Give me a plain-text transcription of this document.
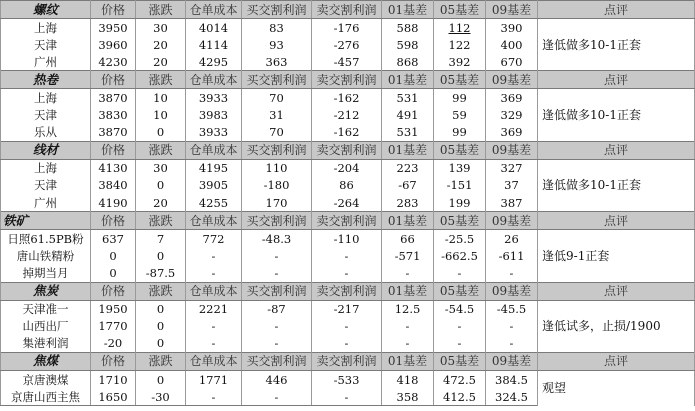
螺纹	价格	涨跌	仓单成本	买交割利润	卖交割利润	01基差	05基差	09基差	点评
上海	3950	30	4014	83	-176	588	112	390	逢低做多10-1正套
天津	3960	20	4114	93	-276	598	122	400	
广州	4230	20	4295	363	-457	868	392	670	
热卷	价格	涨跌	仓单成本	买交割利润	卖交割利润	01基差	05基差	09基差	点评
上海	3870	10	3933	70	-162	531	99	369	逢低做多10-1正套
天津	3830	10	3983	31	-212	491	59	329	
乐从	3870	0	3933	70	-162	531	99	369	
线材	价格	涨跌	仓单成本	买交割利润	卖交割利润	01基差	05基差	09基差	点评
上海	4130	30	4195	110	-204	223	139	327	逢低做多10-1正套
天津	3840	0	3905	-180	86	-67	-151	37	
广州	4190	20	4255	170	-264	283	199	387	
铁矿	价格	涨跌	仓单成本	买交割利润	卖交割利润	01基差	05基差	09基差	点评
日照61.5PB粉	637	7	772	-48.3	-110	66	-25.5	26	逢低9-1正套
唐山铁精粉	0	0	-	-	-	-571	-662.5	-611	
掉期当月	0	-87.5	-	-	-	-	-	-	
焦炭	价格	涨跌	仓单成本	买交割利润	卖交割利润	01基差	05基差	09基差	点评
天津准一	1950	0	2221	-87	-217	12.5	-54.5	-45.5	逢低试多，止损/1900
山西出厂	1770	0	-	-	-	-	-	-	
集港利润	-20	0	-	-	-	-	-	-	
焦煤	价格	涨跌	仓单成本	买交割利润	卖交割利润	01基差	05基差	09基差	点评
京唐澳煤	1710	0	1771	446	-533	418	472.5	384.5	观望
京唐山西主焦	1650	-30	-	-	-	358	412.5	324.5	
